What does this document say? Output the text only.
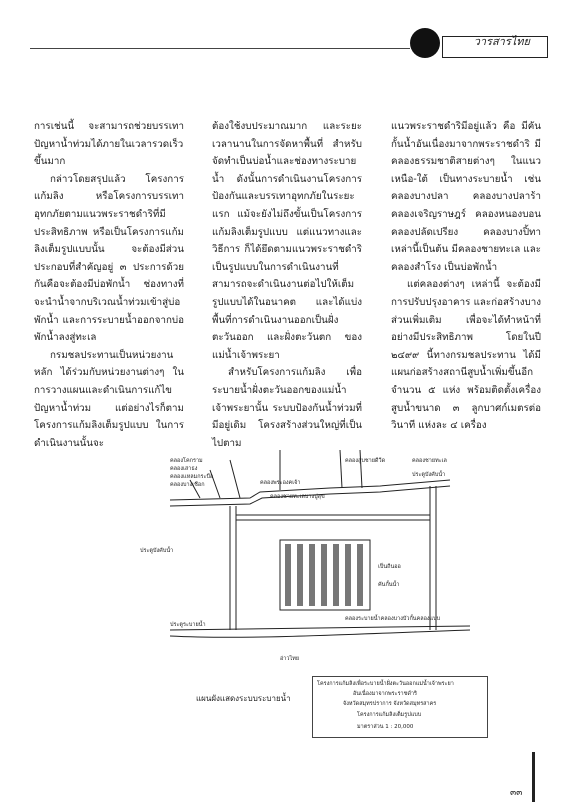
วารสารไทย

การเช่นนี้ จะสามารถช่วยบรรเทาปัญหาน้ำท่วมได้ภายในเวลารวดเร็วขึ้นมาก

กล่าวโดยสรุปแล้ว โครงการแก้มลิง หรือโครงการบรรเทาอุทกภัยตามแนวพระราชดำริที่มีประสิทธิภาพ หรือเป็นโครงการแก้มลิงเต็มรูปแบบนั้น จะต้องมีส่วนประกอบที่สำคัญอยู่ ๓ ประการด้วยกันคือจะต้องมีบ่อพักน้ำ ช่องทางที่จะนำน้ำจากบริเวณน้ำท่วมเข้าสู่บ่อพักน้ำ และการระบายน้ำออกจากบ่อพักน้ำลงสู่ทะเล

กรมชลประทานเป็นหน่วยงานหลัก ได้ร่วมกับหน่วยงานต่างๆ ในการวางแผนและดำเนินการแก้ไขปัญหาน้ำท่วม แต่อย่างไรก็ตามโครงการแก้มลิงเต็มรูปแบบ ในการดำเนินงานนั้นจะ

ต้องใช้งบประมาณมาก และระยะเวลานานในการจัดหาพื้นที่ สำหรับจัดทำเป็นบ่อน้ำและช่องทางระบายน้ำ ดังนั้นการดำเนินงานโครงการป้องกันและบรรเทาอุทกภัยในระยะแรก แม้จะยังไม่ถึงขั้นเป็นโครงการแก้มลิงเต็มรูปแบบ แต่แนวทางและวิธีการ ก็ได้ยึดตามแนวพระราชดำริเป็นรูปแบบในการดำเนินงานที่สามารถจะดำเนินงานต่อไปให้เต็มรูปแบบได้ในอนาคต และได้แบ่งพื้นที่การดำเนินงานออกเป็นฝั่งตะวันออก และฝั่งตะวันตก ของแม่น้ำเจ้าพระยา

สำหรับโครงการแก้มลิง เพื่อระบายน้ำฝั่งตะวันออกของแม่น้ำเจ้าพระยานั้น ระบบป้องกันน้ำท่วมที่มีอยู่เดิม โครงสร้างส่วนใหญ่ที่เป็นไปตาม

แนวพระราชดำริมีอยู่แล้ว คือ มีคันกั้นน้ำอันเนื่องมาจากพระราชดำริ มีคลองธรรมชาติสายต่างๆ ในแนวเหนือ-ใต้ เป็นทางระบายน้ำ เช่น คลองบางปลา คลองบางปลาร้า คลองเจริญราษฎร์ คลองหนองบอน คลองปลัดเปรียง คลองบางปิ้ทา เหล่านี้เป็นต้น มีคลองชายทะเล และคลองสำโรง เป็นบ่อพักน้ำ

แต่คลองต่างๆ เหล่านี้ จะต้องมีการปรับปรุงอาคาร และก่อสร้างบางส่วนเพิ่มเติม เพื่อจะได้ทำหน้าที่อย่างมีประสิทธิภาพ โดยในปี ๒๔๙๙ นี้ทางกรมชลประทาน ได้มีแผนก่อสร้างสถานีสูบน้ำเพิ่มขึ้นอีกจำนวน ๕ แห่ง พร้อมติดตั้งเครื่องสูบน้ำขนาด ๓ ลูกบาศก์เมตรต่อวินาที แห่งละ ๔ เครื่อง

คลองโคกราม
คลองเสาธง
คลองแหลมกระบือ
คลองบางเชือก	คลองพระองคเจ้า
คลองสูบชายดีวีด	คลองชายทะเล
ประตูบังคับน้ำ
คลองชายทะเลบางปูสุข
ประตูบังคับน้ำ
เป็นถีนออ
คันกั้นน้ำ
ประตูระบายน้ำ
คลองระบายน้ำคลองบางบัวกั้นคลองแบบ
อ่าวไทย
แผนผังแสดงระบบระบายน้ำ
โครงการแก้มลิงเพื่อระบายน้ำฝั่งตะวันออกแม่น้ำเจ้าพระยา
อันเนื่องมาจากพระราชดำริ
จังหวัดสมุทรปราการ จังหวัดสมุทรสาคร
โครงการแก้มลิงเต็มรูปแบบ
มาตราส่วน 1 : 20,000
๓๓
